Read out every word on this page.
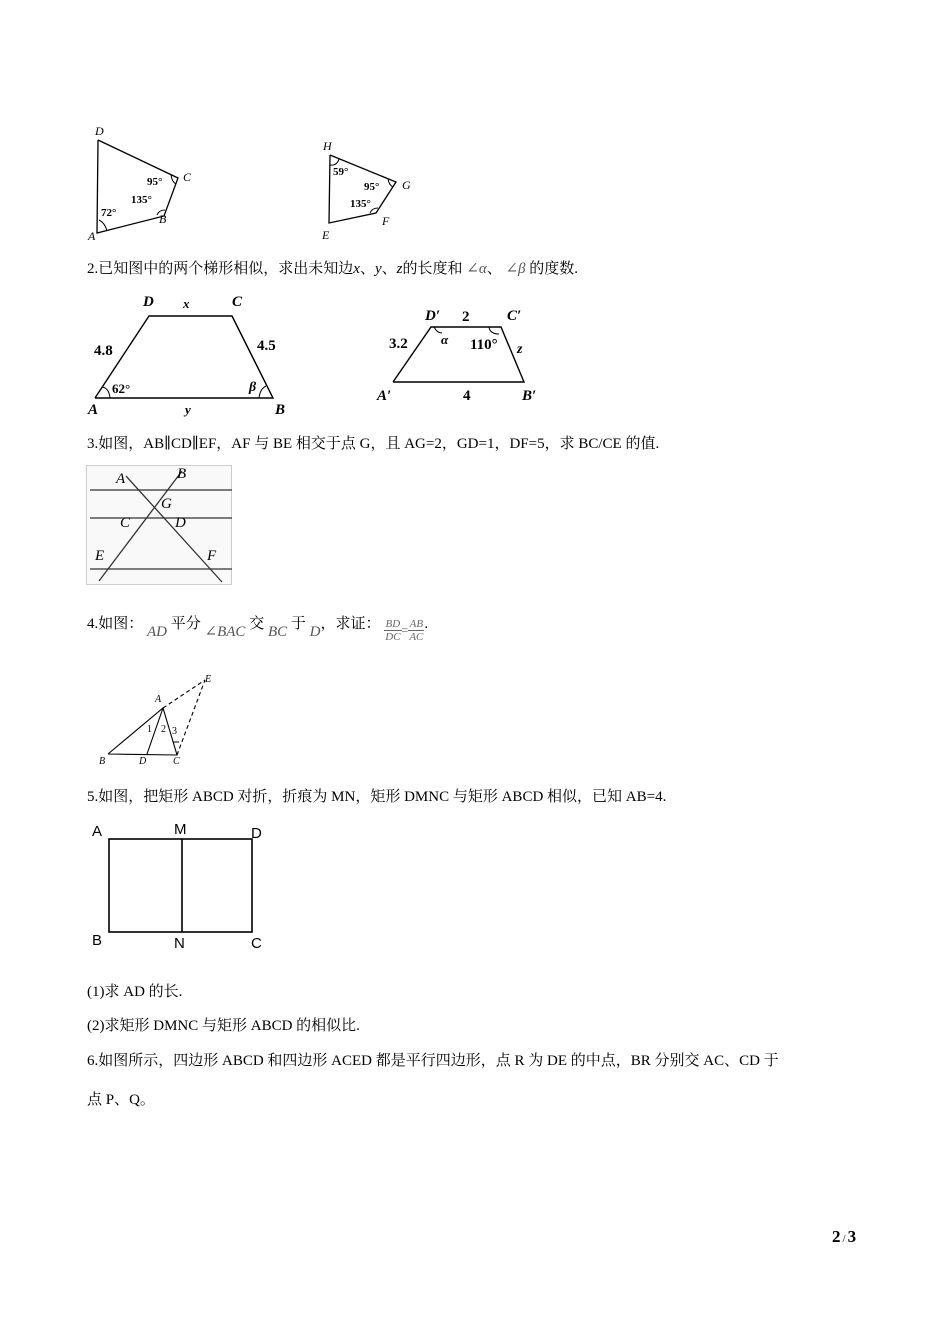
D
C
B
A
95°
135°
72°
H
G
F
E
59°
95°
135°
2.已知图中的两个梯形相似，求出未知边x、y、z的长度和 ∠α、 ∠β 的度数.
D x	C
4.8	4.5
62°	β
A	y	B
D′ 2	C′
3.2	α 110° z
A′	4	B′
3.如图，AB∥CD∥EF，AF 与 BE 相交于点 G，且 AG=2，GD=1，DF=5，求 BC/CE 的值.
A	B
G
C	D
E	F
4.如图： AD 平分 ∠BAC 交 BC 于 D，求证： $\frac{BD}{DC} _= \frac{AB}{AC}$ .
A
E
1 2 3
B	D	C
5.如图，把矩形 ABCD 对折，折痕为 MN，矩形 DMNC 与矩形 ABCD 相似，已知 AB=4.
A	M	D
B	N	C
(1)求 AD 的长.
(2)求矩形 DMNC 与矩形 ABCD 的相似比.
6.如图所示，四边形 ABCD 和四边形 ACED 都是平行四边形，点 R 为 DE 的中点，BR 分别交 AC、CD 于
点 P、Q。
2 / 3
